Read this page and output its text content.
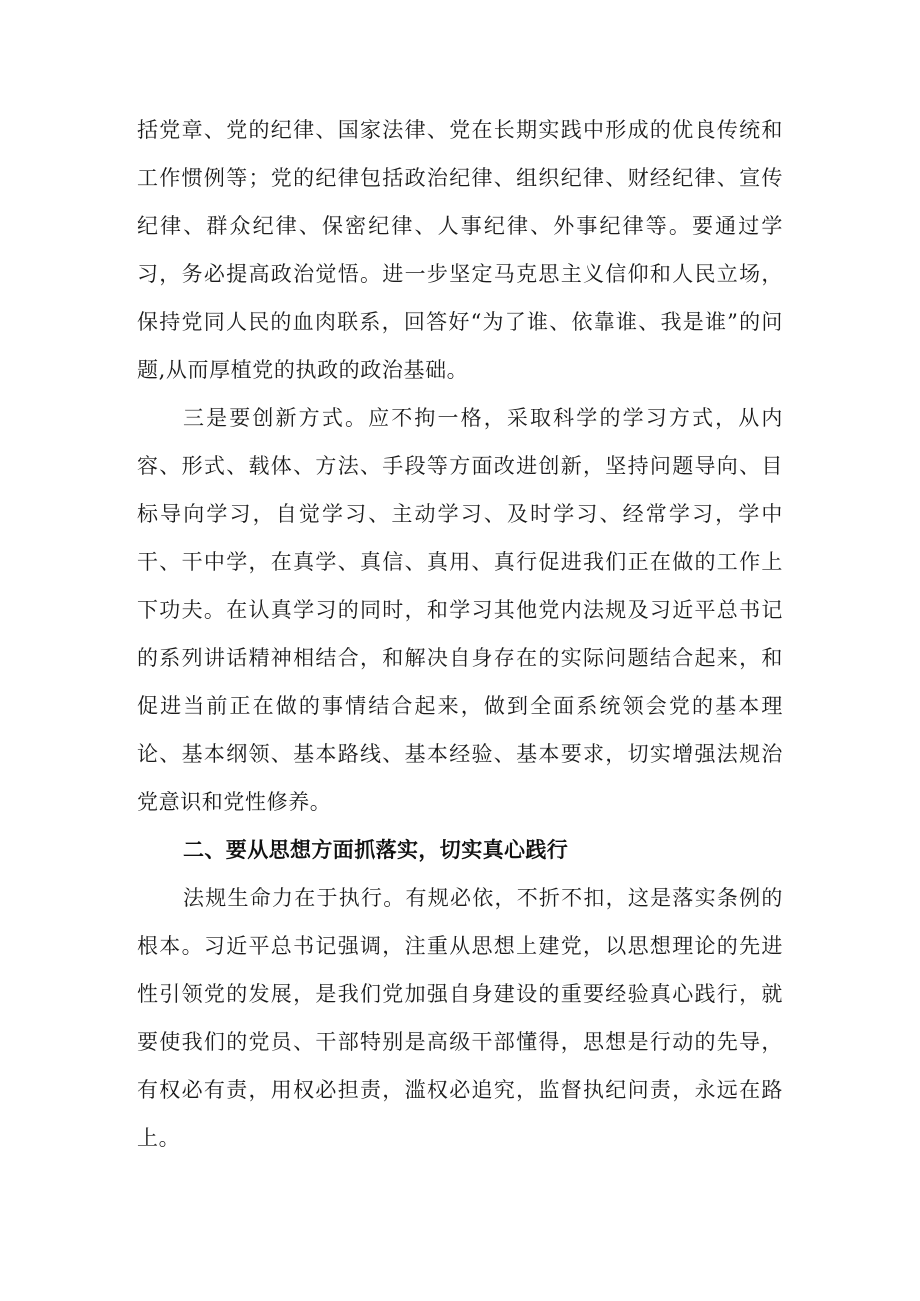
括党章、党的纪律、国家法律、党在长期实践中形成的优良传统和工作惯例等；党的纪律包括政治纪律、组织纪律、财经纪律、宣传纪律、群众纪律、保密纪律、人事纪律、外事纪律等。要通过学习，务必提高政治觉悟。进一步坚定马克思主义信仰和人民立场，保持党同人民的血肉联系，回答好“为了谁、依靠谁、我是谁”的问题,从而厚植党的执政的政治基础。

三是要创新方式。应不拘一格，采取科学的学习方式，从内容、形式、载体、方法、手段等方面改进创新，坚持问题导向、目标导向学习，自觉学习、主动学习、及时学习、经常学习，学中干、干中学，在真学、真信、真用、真行促进我们正在做的工作上下功夫。在认真学习的同时，和学习其他党内法规及习近平总书记的系列讲话精神相结合，和解决自身存在的实际问题结合起来，和促进当前正在做的事情结合起来，做到全面系统领会党的基本理论、基本纲领、基本路线、基本经验、基本要求，切实增强法规治党意识和党性修养。

二、要从思想方面抓落实，切实真心践行

法规生命力在于执行。有规必依，不折不扣，这是落实条例的根本。习近平总书记强调，注重从思想上建党，以思想理论的先进性引领党的发展，是我们党加强自身建设的重要经验真心践行，就要使我们的党员、干部特别是高级干部懂得，思想是行动的先导，有权必有责，用权必担责，滥权必追究，监督执纪问责，永远在路上。
